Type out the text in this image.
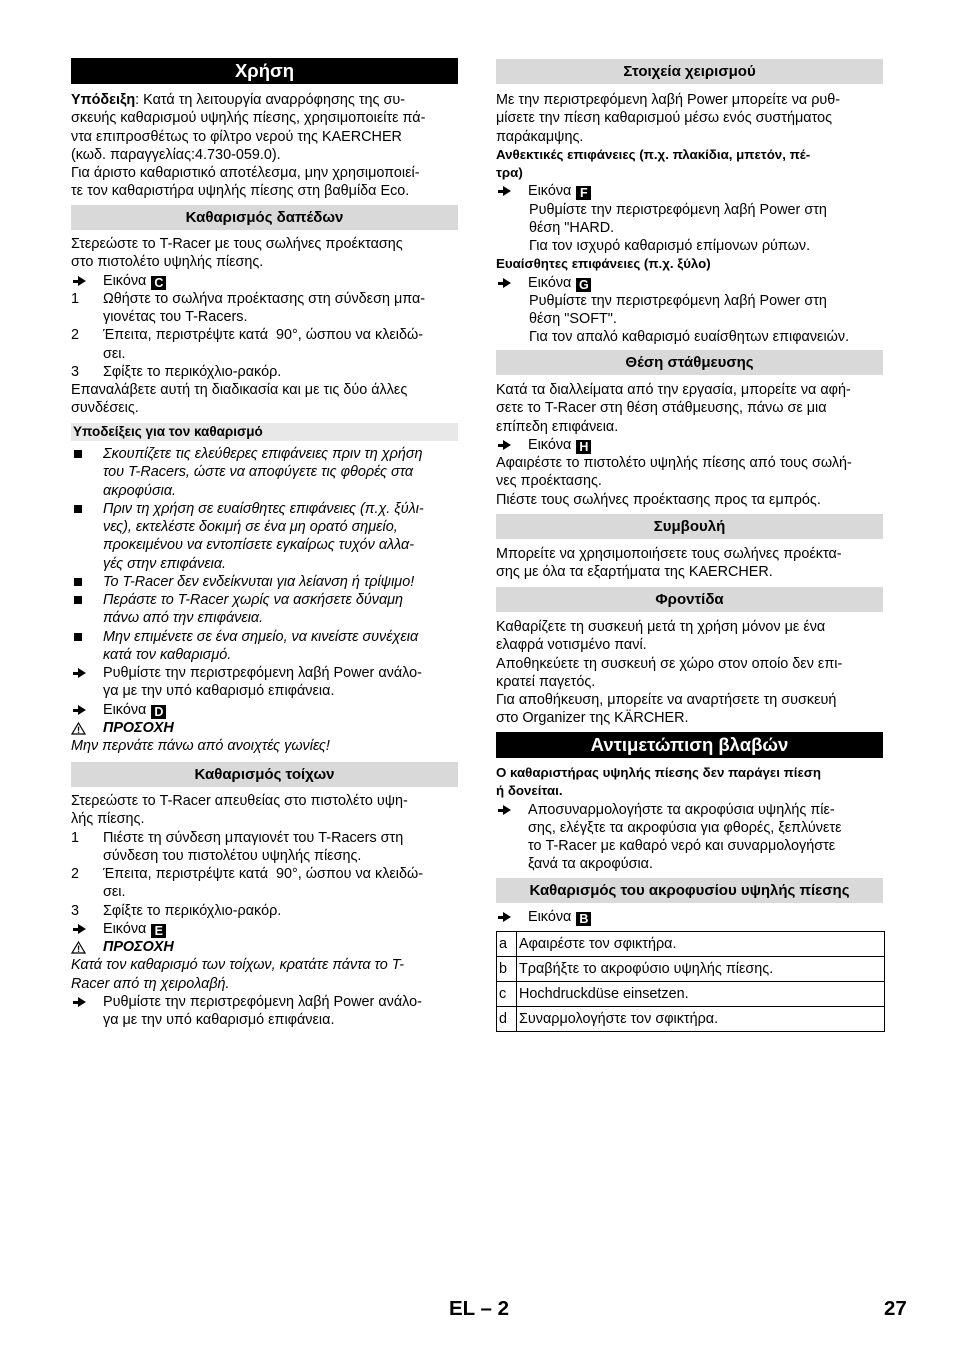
Χρήση
Υπόδειξη: Κατά τη λειτουργία αναρρόφησης της συ-
σκευής καθαρισμού υψηλής πίεσης, χρησιμοποιείτε πά-
ντα επιπροσθέτως το φίλτρο νερού της KAERCHER
(κωδ. παραγγελίας:4.730-059.0).
Για άριστο καθαριστικό αποτέλεσμα, μην χρησιμοποιεί-
τε τον καθαριστήρα υψηλής πίεσης στη βαθμίδα Eco.
Καθαρισμός δαπέδων
Στερεώστε το T-Racer με τους σωλήνες προέκτασης
στο πιστολέτο υψηλής πίεσης.
Εικόνα C
1 Ωθήστε το σωλήνα προέκτασης στη σύνδεση μπα-
γιονέτας του T-Racers.
2 Έπειτα, περιστρέψτε κατά  90°, ώσπου να κλειδώ-
σει.
3 Σφίξτε το περικόχλιο-ρακόρ.
Επαναλάβετε αυτή τη διαδικασία και με τις δύο άλλες
συνδέσεις.
Υποδείξεις για τον καθαρισμό
Σκουπίζετε τις ελεύθερες επιφάνειες πριν τη χρήση
του T-Racers, ώστε να αποφύγετε τις φθορές στα
ακροφύσια.
Πριν τη χρήση σε ευαίσθητες επιφάνειες (π.χ. ξύλι-
νες), εκτελέστε δοκιμή σε ένα μη ορατό σημείο,
προκειμένου να εντοπίσετε εγκαίρως τυχόν αλλα-
γές στην επιφάνεια.
Το T-Racer δεν ενδείκνυται για λείανση ή τρίψιμο!
Περάστε το T-Racer χωρίς να ασκήσετε δύναμη
πάνω από την επιφάνεια.
Μην επιμένετε σε ένα σημείο, να κινείστε συνέχεια
κατά τον καθαρισμό.
Ρυθμίστε την περιστρεφόμενη λαβή Power ανάλο-
γα με την υπό καθαρισμό επιφάνεια.
Εικόνα D
ΠΡΟΣΟΧΗ
Μην περνάτε πάνω από ανοιχτές γωνίες!
Καθαρισμός τοίχων
Στερεώστε το T-Racer απευθείας στο πιστολέτο υψη-
λής πίεσης.
1 Πιέστε τη σύνδεση μπαγιονέτ του T-Racers στη
σύνδεση του πιστολέτου υψηλής πίεσης.
2 Έπειτα, περιστρέψτε κατά  90°, ώσπου να κλειδώ-
σει.
3 Σφίξτε το περικόχλιο-ρακόρ.
Εικόνα E
ΠΡΟΣΟΧΗ
Κατά τον καθαρισμό των τοίχων, κρατάτε πάντα το T-
Racer από τη χειρολαβή.
Ρυθμίστε την περιστρεφόμενη λαβή Power ανάλο-
γα με την υπό καθαρισμό επιφάνεια.
Στοιχεία χειρισμού
Με την περιστρεφόμενη λαβή Power μπορείτε να ρυθ-
μίσετε την πίεση καθαρισμού μέσω ενός συστήματος
παράκαμψης.
Ανθεκτικές επιφάνειες (π.χ. πλακίδια, μπετόν, πέ-
τρα)
Εικόνα F
Ρυθμίστε την περιστρεφόμενη λαβή Power στη
θέση "HARD.
Για τον ισχυρό καθαρισμό επίμονων ρύπων.
Ευαίσθητες επιφάνειες (π.χ. ξύλο)
Εικόνα G
Ρυθμίστε την περιστρεφόμενη λαβή Power στη
θέση "SOFT".
Για τον απαλό καθαρισμό ευαίσθητων επιφανειών.
Θέση στάθμευσης
Κατά τα διαλλείματα από την εργασία, μπορείτε να αφή-
σετε το T-Racer στη θέση στάθμευσης, πάνω σε μια
επίπεδη επιφάνεια.
Εικόνα H
Αφαιρέστε το πιστολέτο υψηλής πίεσης από τους σωλή-
νες προέκτασης.
Πιέστε τους σωλήνες προέκτασης προς τα εμπρός.
Συμβουλή
Μπορείτε να χρησιμοποιήσετε τους σωλήνες προέκτα-
σης με όλα τα εξαρτήματα της KAERCHER.
Φροντίδα
Καθαρίζετε τη συσκευή μετά τη χρήση μόνον με ένα
ελαφρά νοτισμένο πανί.
Αποθηκεύετε τη συσκευή σε χώρο στον οποίο δεν επι-
κρατεί παγετός.
Για αποθήκευση, μπορείτε να αναρτήσετε τη συσκευή
στο Organizer της KÄRCHER.
Αντιμετώπιση βλαβών
Ο καθαριστήρας υψηλής πίεσης δεν παράγει πίεση
ή δονείται.
Αποσυναρμολογήστε τα ακροφύσια υψηλής πίε-
σης, ελέγξτε τα ακροφύσια για φθορές, ξεπλύνετε
το T-Racer με καθαρό νερό και συναρμολογήστε
ξανά τα ακροφύσια.
Καθαρισμός του ακροφυσίου υψηλής πίεσης
Εικόνα B
a	Αφαιρέστε τον σφικτήρα.
b	Τραβήξτε το ακροφύσιο υψηλής πίεσης.
c	Hochdruckdüse einsetzen.
d	Συναρμολογήστε τον σφικτήρα.
EL – 2	27
